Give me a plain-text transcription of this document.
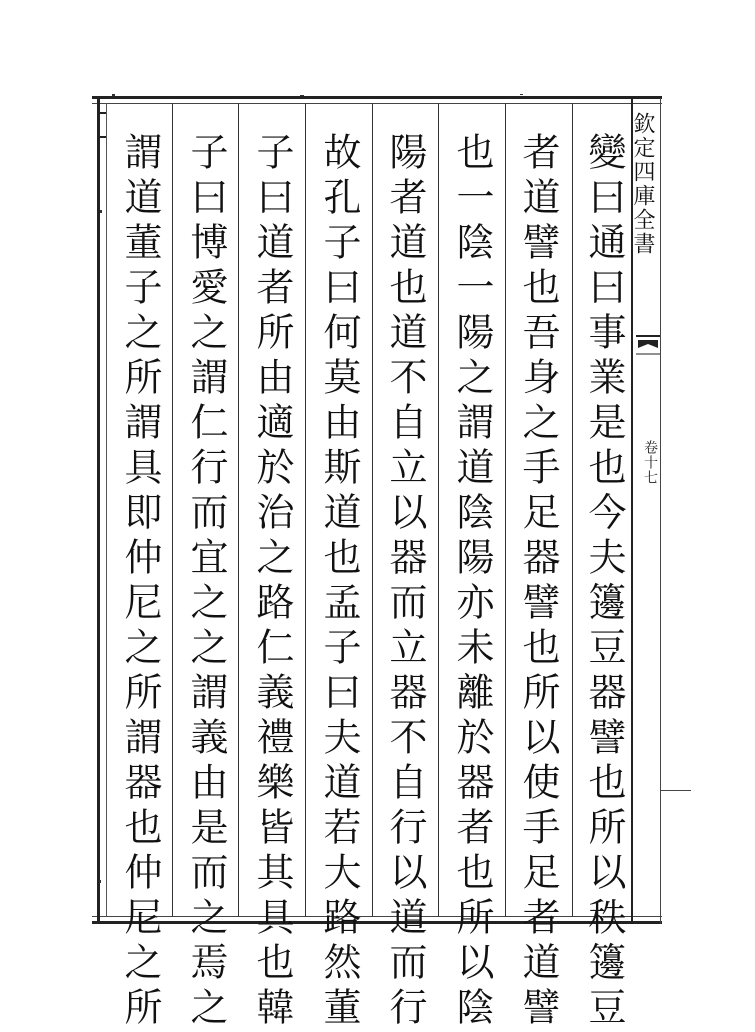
欽定四庫全書
卷十七
變曰通曰事業是也今夫籩豆器譬也所以秩籩豆
者道譬也吾身之手足器譬也所以使手足者道譬
也一陰一陽之謂道陰陽亦未離於器者也所以陰
陽者道也道不自立以器而立器不自行以道而行
故孔子曰何莫由斯道也孟子曰夫道若大路然董
子曰道者所由適於治之路仁義禮樂皆其具也韓
子曰博愛之謂仁行而宜之之謂義由是而之焉之
謂道董子之所謂具即仲尼之所謂器也仲尼之所
